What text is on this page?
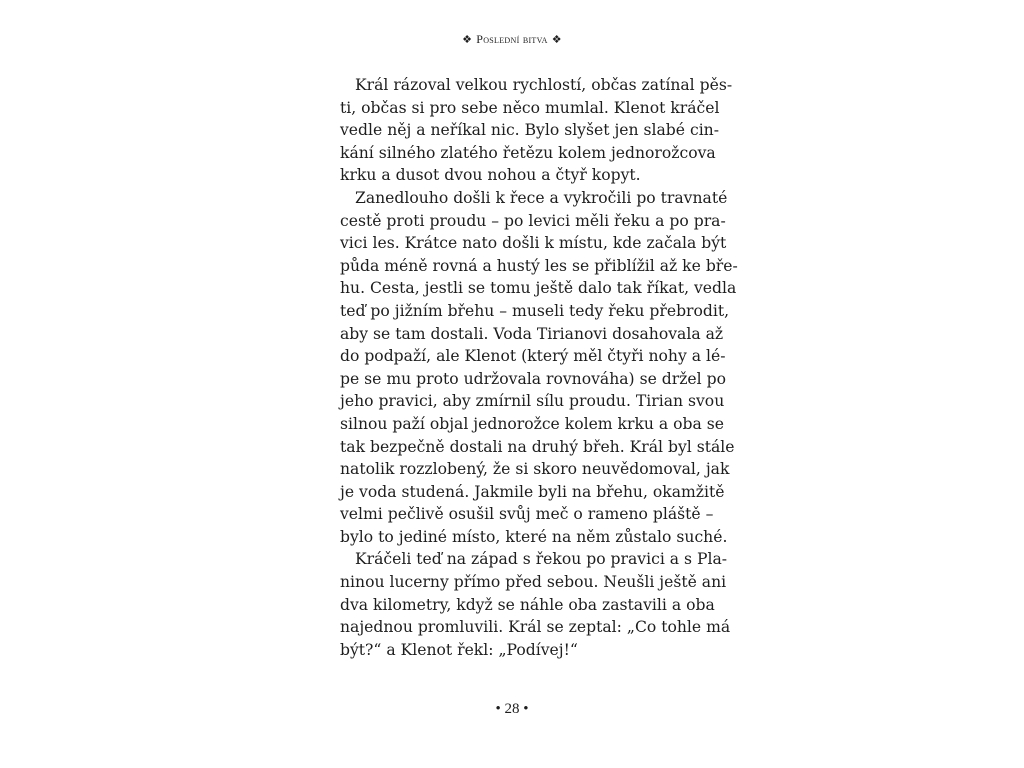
❖ Poslední bitva ❖
Král rázoval velkou rychlostí, občas zatínal pěs-
ti, občas si pro sebe něco mumlal. Klenot kráčel
vedle něj a neříkal nic. Bylo slyšet jen slabé cin-
kání silného zlatého řetězu kolem jednorožcova
krku a dusot dvou nohou a čtyř kopyt.
Zanedlouho došli k řece a vykročili po travnaté
cestě proti proudu – po levici měli řeku a po pra-
vici les. Krátce nato došli k místu, kde začala být
půda méně rovná a hustý les se přiblížil až ke bře-
hu. Cesta, jestli se tomu ještě dalo tak říkat, vedla
teď po jižním břehu – museli tedy řeku přebrodit,
aby se tam dostali. Voda Tirianovi dosahovala až
do podpaží, ale Klenot (který měl čtyři nohy a lé-
pe se mu proto udržovala rovnováha) se držel po
jeho pravici, aby zmírnil sílu proudu. Tirian svou
silnou paží objal jednorožce kolem krku a oba se
tak bezpečně dostali na druhý břeh. Král byl stále
natolik rozzlobený, že si skoro neuvědomoval, jak
je voda studená. Jakmile byli na břehu, okamžitě
velmi pečlivě osušil svůj meč o rameno pláště –
bylo to jediné místo, které na něm zůstalo suché.
Kráčeli teď na západ s řekou po pravici a s Pla-
ninou lucerny přímo před sebou. Neušli ještě ani
dva kilometry, když se náhle oba zastavili a oba
najednou promluvili. Král se zeptal: „Co tohle má
být?“ a Klenot řekl: „Podívej!“
• 28 •
